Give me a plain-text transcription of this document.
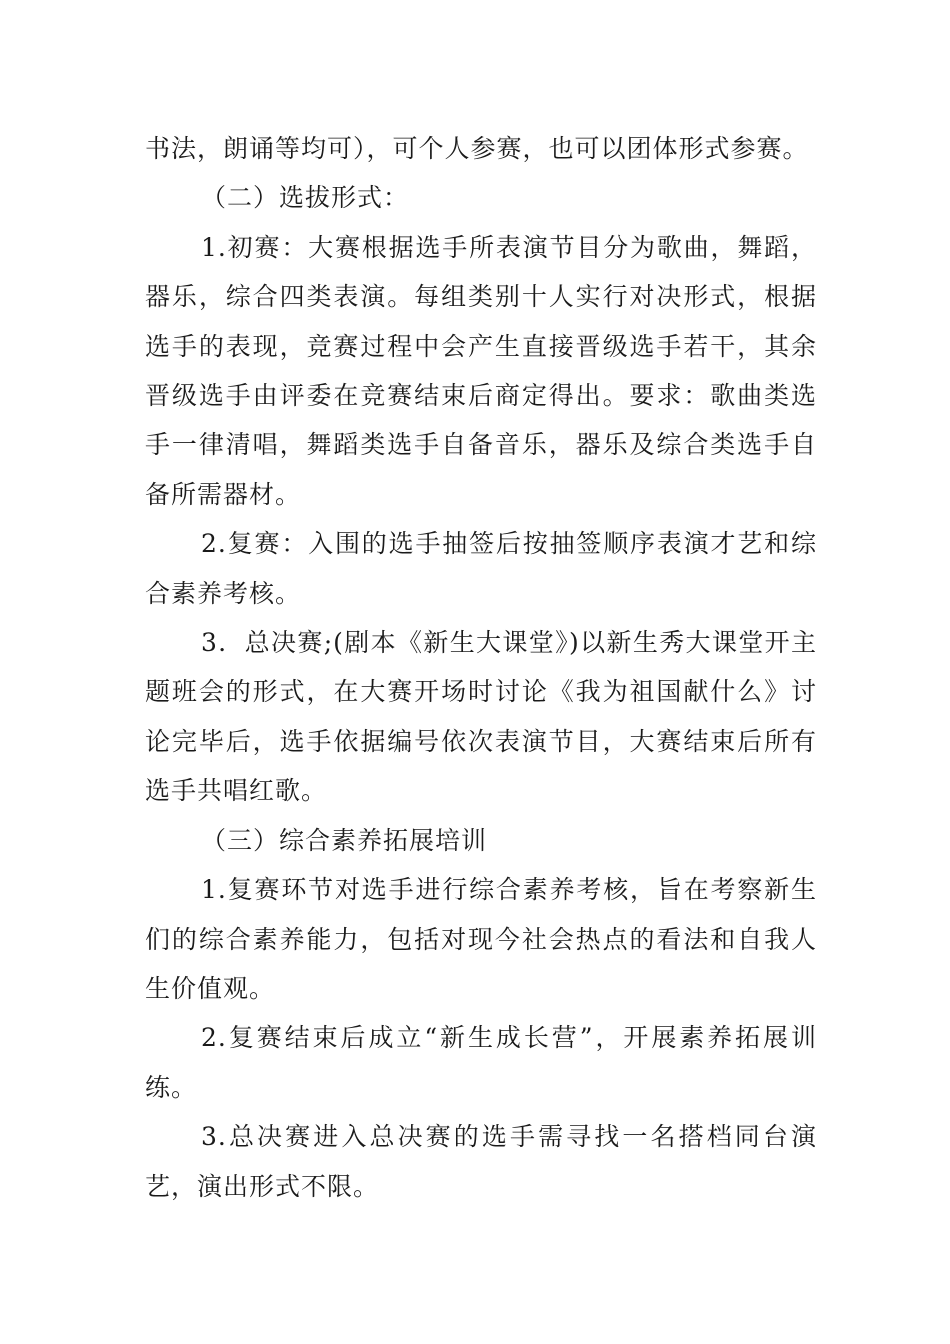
书法，朗诵等均可），可个人参赛，也可以团体形式参赛。

（二）选拔形式：

1.初赛：大赛根据选手所表演节目分为歌曲，舞蹈，器乐，综合四类表演。每组类别十人实行对决形式，根据选手的表现，竞赛过程中会产生直接晋级选手若干，其余晋级选手由评委在竞赛结束后商定得出。要求：歌曲类选手一律清唱，舞蹈类选手自备音乐，器乐及综合类选手自备所需器材。

2.复赛：入围的选手抽签后按抽签顺序表演才艺和综合素养考核。

3．总决赛;(剧本《新生大课堂》)以新生秀大课堂开主题班会的形式，在大赛开场时讨论《我为祖国献什么》讨论完毕后，选手依据编号依次表演节目，大赛结束后所有选手共唱红歌。

（三）综合素养拓展培训

1.复赛环节对选手进行综合素养考核，旨在考察新生们的综合素养能力，包括对现今社会热点的看法和自我人生价值观。

2.复赛结束后成立“新生成长营”，开展素养拓展训练。

3.总决赛进入总决赛的选手需寻找一名搭档同台演艺，演出形式不限。
